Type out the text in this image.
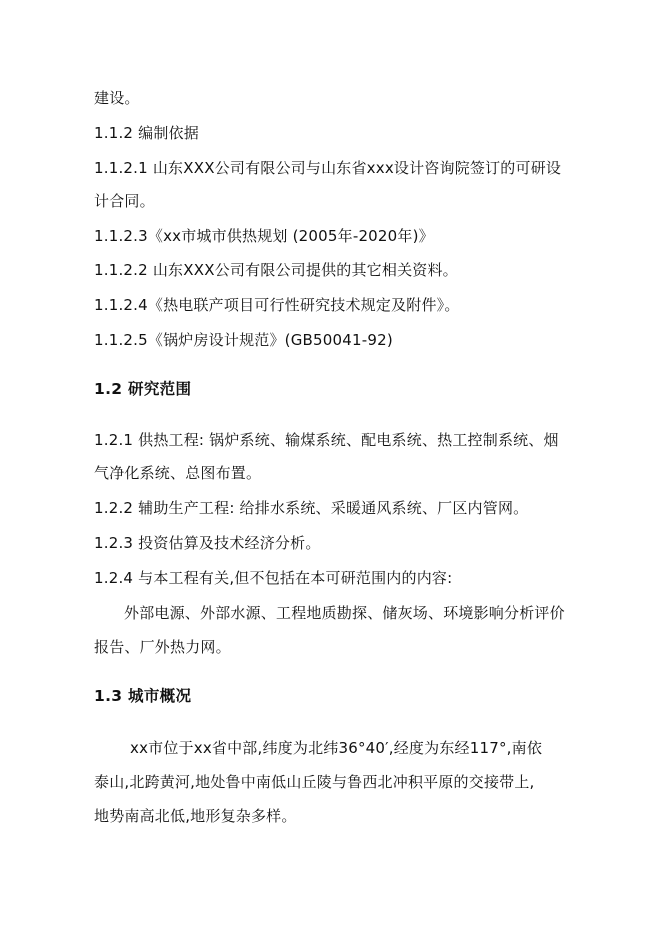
建设。
1.1.2 编制依据
1.1.2.1 山东XXX公司有限公司与山东省xxx设计咨询院签订的可研设
计合同。
1.1.2.3《xx市城市供热规划 (2005年-2020年)》
1.1.2.2 山东XXX公司有限公司提供的其它相关资料。
1.1.2.4《热电联产项目可行性研究技术规定及附件》。
1.1.2.5《锅炉房设计规范》(GB50041-92)
1.2 研究范围
1.2.1 供热工程: 锅炉系统、输煤系统、配电系统、热工控制系统、烟
气净化系统、总图布置。
1.2.2 辅助生产工程: 给排水系统、采暖通风系统、厂区内管网。
1.2.3 投资估算及技术经济分析。
1.2.4 与本工程有关,但不包括在本可研范围内的内容:
外部电源、外部水源、工程地质勘探、储灰场、环境影响分析评价
报告、厂外热力网。
1.3 城市概况
xx市位于xx省中部,纬度为北纬36°40′,经度为东经117°,南依
泰山,北跨黄河,地处鲁中南低山丘陵与鲁西北冲积平原的交接带上,
地势南高北低,地形复杂多样。
